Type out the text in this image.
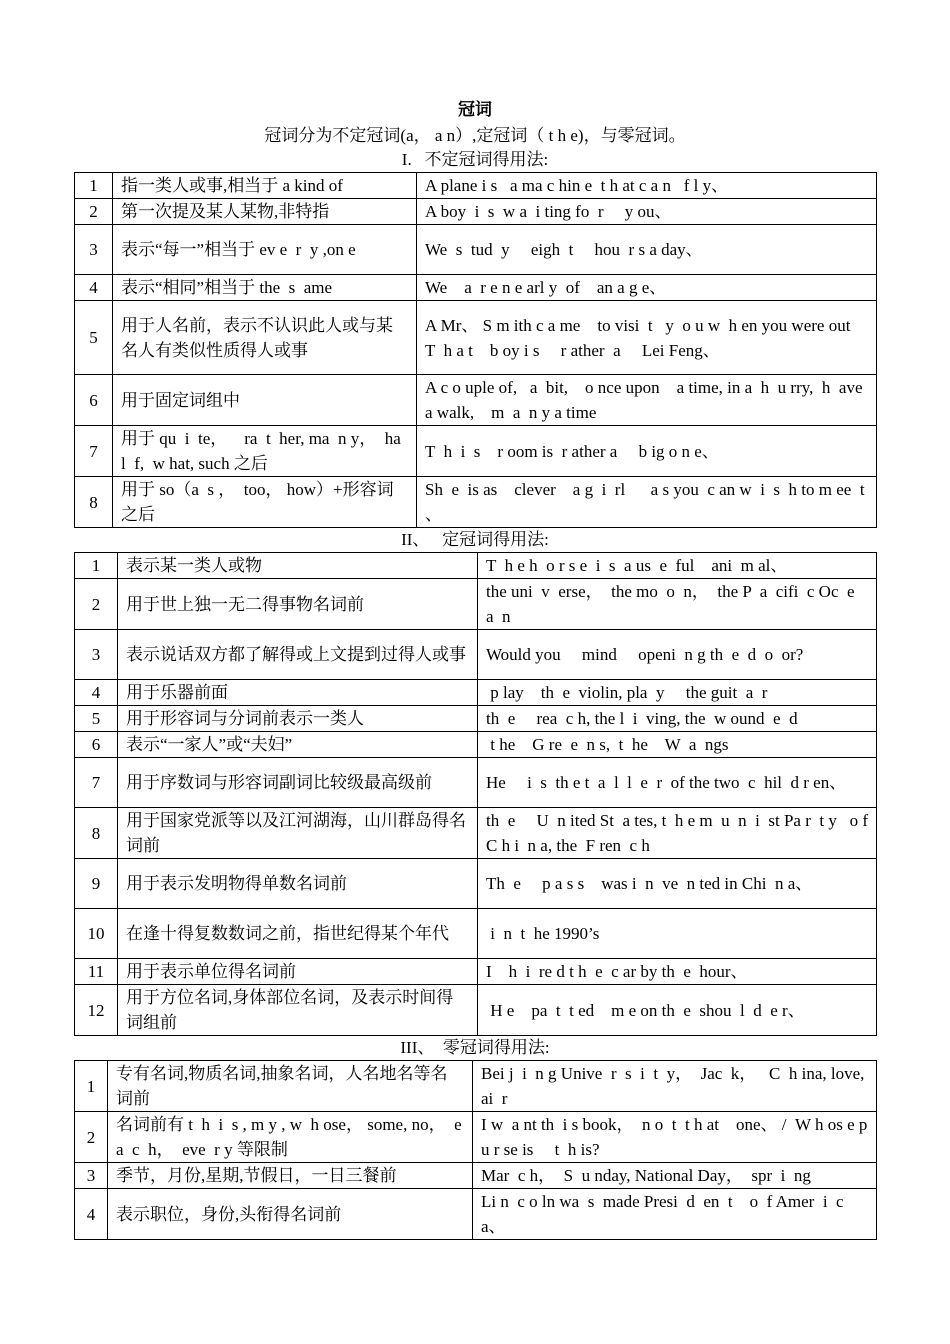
冠词
冠词分为不定冠词(a， a n）,定冠词（ t h e)，与零冠词。
I.   不定冠词得用法:
1	指一类人或事,相当于 a kind of	A plane i s   a ma c hin e  t h at c a n   f l y、
2	第一次提及某人某物,非特指	A boy  i  s  w a  i ting fo  r     y ou、
3	表示“每一”相当于 ev e  r  y ,on e	We  s  tud  y     eigh  t     hou  r s a day、
4	表示“相同”相当于 the  s  ame	We    a  r e n e arl y  of    an a g e、
5	用于人名前，表示不认识此人或与某名人有类似性质得人或事	A Mr、 S m ith c a me    to visi  t   y  o u w  h en you were out
T  h a t    b oy i s     r ather  a     Lei Feng、
6	用于固定词组中	A c o uple of,   a  bit,    o nce upon    a time, in a  h  u rry,  h  ave    a walk,    m  a  n y a time
7	用于 qu  i  te，    ra  t  her, ma  n y，  ha  l  f,  w hat, such 之后	T  h  i  s    r oom is  r ather a     b ig o n e、
8	用于 so（a  s ，  too， how）+形容词之后	Sh  e  is as    clever    a g  i  rl      a s you  c an w  i  s  h to m ee  t 、
II、   定冠词得用法:
1	表示某一类人或物	T  h e h  o r s e  i  s  a us  e  ful    ani  m al、
2	用于世上独一无二得事物名词前	the uni  v  erse，  the mo  o  n，  the P  a  cifi  c Oc  e  a  n
3	表示说话双方都了解得或上文提到过得人或事	Would you     mind     openi  n g th  e  d  o  or?
4	用于乐器前面	p lay    th  e  violin, pla  y     the guit  a  r
5	用于形容词与分词前表示一类人	th  e     rea  c h, the l  i  ving, the  w ound  e  d
6	表示“一家人”或“夫妇”	t he    G re  e  n s,  t  he    W  a  ngs
7	用于序数词与形容词副词比较级最高级前	He     i  s  th e t  a  l  l  e  r  of the two  c  hil  d r en、
8	用于国家党派等以及江河湖海，山川群岛得名词前	th  e     U  n ited St  a tes, t  h e m  u  n  i  st Pa r  t y   o f C h i  n a, the  F ren  c h
9	用于表示发明物得单数名词前	Th  e     p a s s    was i  n  ve  n ted in Chi  n a、
10	在逢十得复数数词之前，指世纪得某个年代	i  n  t  he 1990’s
11	用于表示单位得名词前	I    h  i  re d t h  e  c ar by th  e  hour、
12	用于方位名词,身体部位名词，及表示时间得词组前	H e    pa  t  t ed    m e on th  e  shou  l  d  e r、
III、  零冠词得用法:
1	专有名词,物质名词,抽象名词，人名地名等名词前	Bei j  i  n g Unive  r  s  i  t  y，  Jac  k，   C  h ina, love, ai  r
2	名词前有 t  h  i  s , m y , w  h ose， some, no，  ea  c  h，  eve  r y 等限制	I w  a nt th  i s book，  n o  t  t h at    one、 /  W h os e p u r se is     t  h is?
3	季节，月份,星期,节假日，一日三餐前	Mar  c h，  S  u nday, National Day，  spr  i  ng
4	表示职位，身份,头衔得名词前	Li n  c o ln wa  s  made Presi  d  en  t    o  f Amer  i  ca、
